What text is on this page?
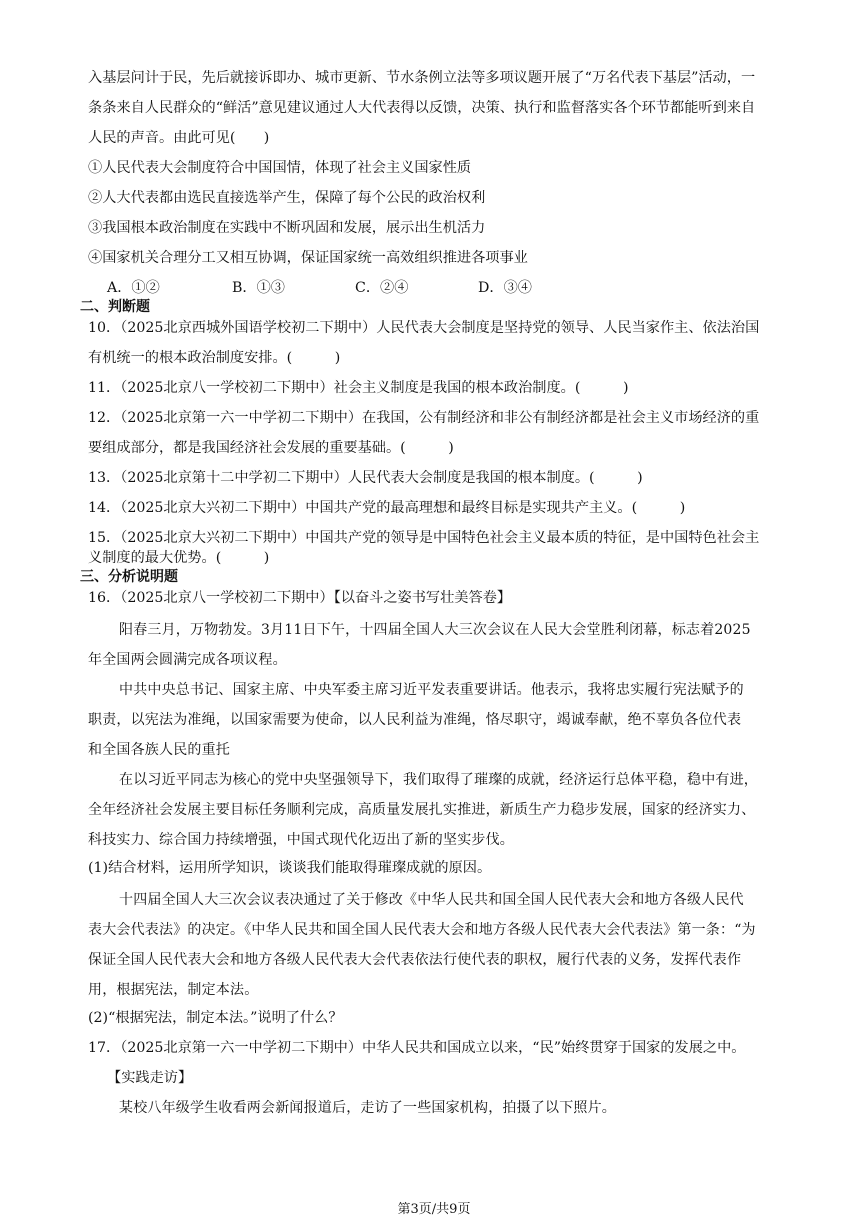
入基层问计于民，先后就接诉即办、城市更新、节水条例立法等多项议题开展了“万名代表下基层”活动，一
条条来自人民群众的“鲜活”意见建议通过人大代表得以反馈，决策、执行和监督落实各个环节都能听到来自
人民的声音。由此可见(　　)
①人民代表大会制度符合中国国情，体现了社会主义国家性质
②人大代表都由选民直接选举产生，保障了每个公民的政治权利
③我国根本政治制度在实践中不断巩固和发展，展示出生机活力
④国家机关合理分工又相互协调，保证国家统一高效组织推进各项事业
A．①②	B．①③	C．②④	D．③④
二、判断题
10．（2025北京西城外国语学校初二下期中）人民代表大会制度是坚持党的领导、人民当家作主、依法治国
有机统一的根本政治制度安排。(　　　)
11．（2025北京八一学校初二下期中）社会主义制度是我国的根本政治制度。(　　　)
12．（2025北京第一六一中学初二下期中）在我国，公有制经济和非公有制经济都是社会主义市场经济的重
要组成部分，都是我国经济社会发展的重要基础。(　　　)
13．（2025北京第十二中学初二下期中）人民代表大会制度是我国的根本制度。(　　　)
14．（2025北京大兴初二下期中）中国共产党的最高理想和最终目标是实现共产主义。(　　　)
15．（2025北京大兴初二下期中）中国共产党的领导是中国特色社会主义最本质的特征，是中国特色社会主
义制度的最大优势。(　　　)
三、分析说明题
16．（2025北京八一学校初二下期中）【以奋斗之姿书写壮美答卷】
阳春三月，万物勃发。3月11日下午，十四届全国人大三次会议在人民大会堂胜利闭幕，标志着2025
年全国两会圆满完成各项议程。
中共中央总书记、国家主席、中央军委主席习近平发表重要讲话。他表示，我将忠实履行宪法赋予的
职责，以宪法为准绳，以国家需要为使命，以人民利益为准绳，恪尽职守，竭诚奉献，绝不辜负各位代表
和全国各族人民的重托
在以习近平同志为核心的党中央坚强领导下，我们取得了璀璨的成就，经济运行总体平稳，稳中有进，
全年经济社会发展主要目标任务顺利完成，高质量发展扎实推进，新质生产力稳步发展，国家的经济实力、
科技实力、综合国力持续增强，中国式现代化迈出了新的坚实步伐。
(1)结合材料，运用所学知识，谈谈我们能取得璀璨成就的原因。
十四届全国人大三次会议表决通过了关于修改《中华人民共和国全国人民代表大会和地方各级人民代
表大会代表法》的决定。《中华人民共和国全国人民代表大会和地方各级人民代表大会代表法》第一条：“为
保证全国人民代表大会和地方各级人民代表大会代表依法行使代表的职权，履行代表的义务，发挥代表作
用，根据宪法，制定本法。
(2)“根据宪法，制定本法。”说明了什么？
17．（2025北京第一六一中学初二下期中）中华人民共和国成立以来，“民”始终贯穿于国家的发展之中。
【实践走访】
某校八年级学生收看两会新闻报道后，走访了一些国家机构，拍摄了以下照片。
第3页/共9页
